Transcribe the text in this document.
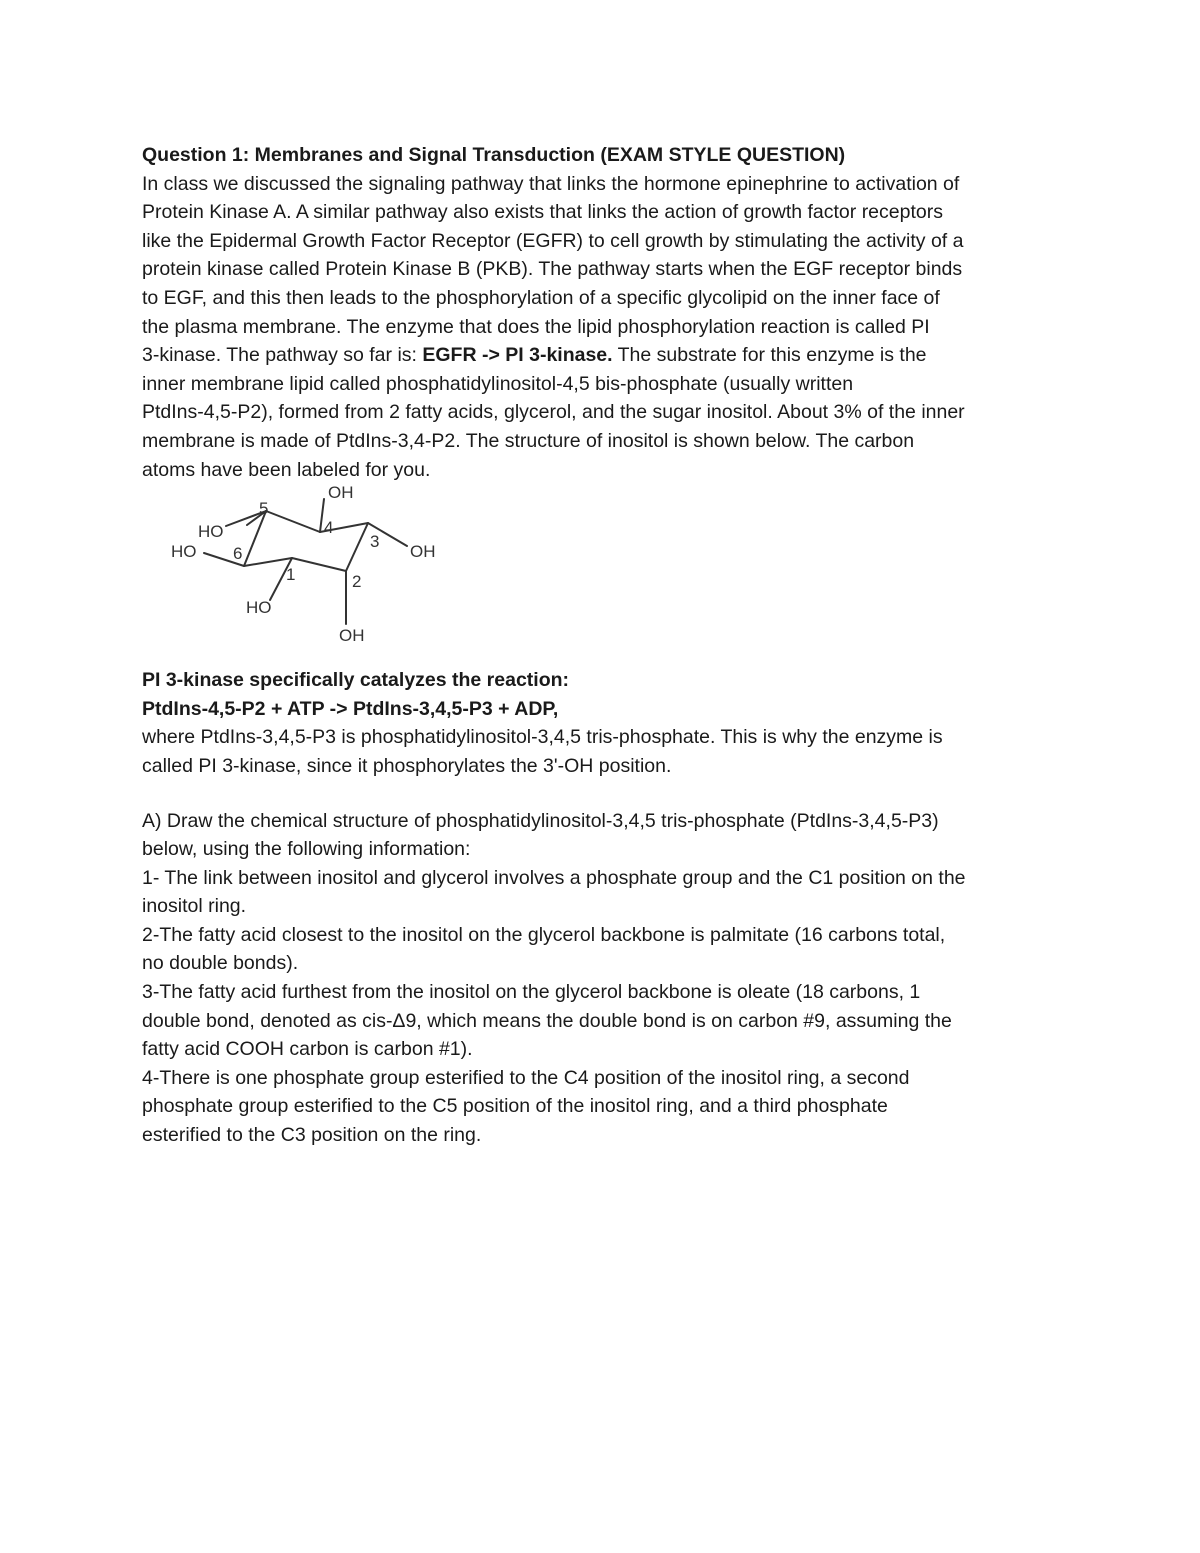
Question 1: Membranes and Signal Transduction (EXAM STYLE QUESTION)
In class we discussed the signaling pathway that links the hormone epinephrine to activation of
Protein Kinase A. A similar pathway also exists that links the action of growth factor receptors
like the Epidermal Growth Factor Receptor (EGFR) to cell growth by stimulating the activity of a
protein kinase called Protein Kinase B (PKB). The pathway starts when the EGF receptor binds
to EGF, and this then leads to the phosphorylation of a specific glycolipid on the inner face of
the plasma membrane. The enzyme that does the lipid phosphorylation reaction is called PI
3-kinase. The pathway so far is: EGFR -> PI 3-kinase. The substrate for this enzyme is the
inner membrane lipid called phosphatidylinositol-4,5 bis-phosphate (usually written
PtdIns-4,5-P2), formed from 2 fatty acids, glycerol, and the sugar inositol. About 3% of the inner
membrane is made of PtdIns-3,4-P2. The structure of inositol is shown below. The carbon
atoms have been labeled for you.
OH
HO
HO	OH
HO
OH
1	2
3
4
5
6
PI 3-kinase specifically catalyzes the reaction:
PtdIns-4,5-P2 + ATP -> PtdIns-3,4,5-P3 + ADP,
where PtdIns-3,4,5-P3 is phosphatidylinositol-3,4,5 tris-phosphate. This is why the enzyme is
called PI 3-kinase, since it phosphorylates the 3'-OH position.
A) Draw the chemical structure of phosphatidylinositol-3,4,5 tris-phosphate (PtdIns-3,4,5-P3)
below, using the following information:
1- The link between inositol and glycerol involves a phosphate group and the C1 position on the
inositol ring.
2-The fatty acid closest to the inositol on the glycerol backbone is palmitate (16 carbons total,
no double bonds).
3-The fatty acid furthest from the inositol on the glycerol backbone is oleate (18 carbons, 1
double bond, denoted as cis-Δ9, which means the double bond is on carbon #9, assuming the
fatty acid COOH carbon is carbon #1).
4-There is one phosphate group esterified to the C4 position of the inositol ring, a second
phosphate group esterified to the C5 position of the inositol ring, and a third phosphate
esterified to the C3 position on the ring.
